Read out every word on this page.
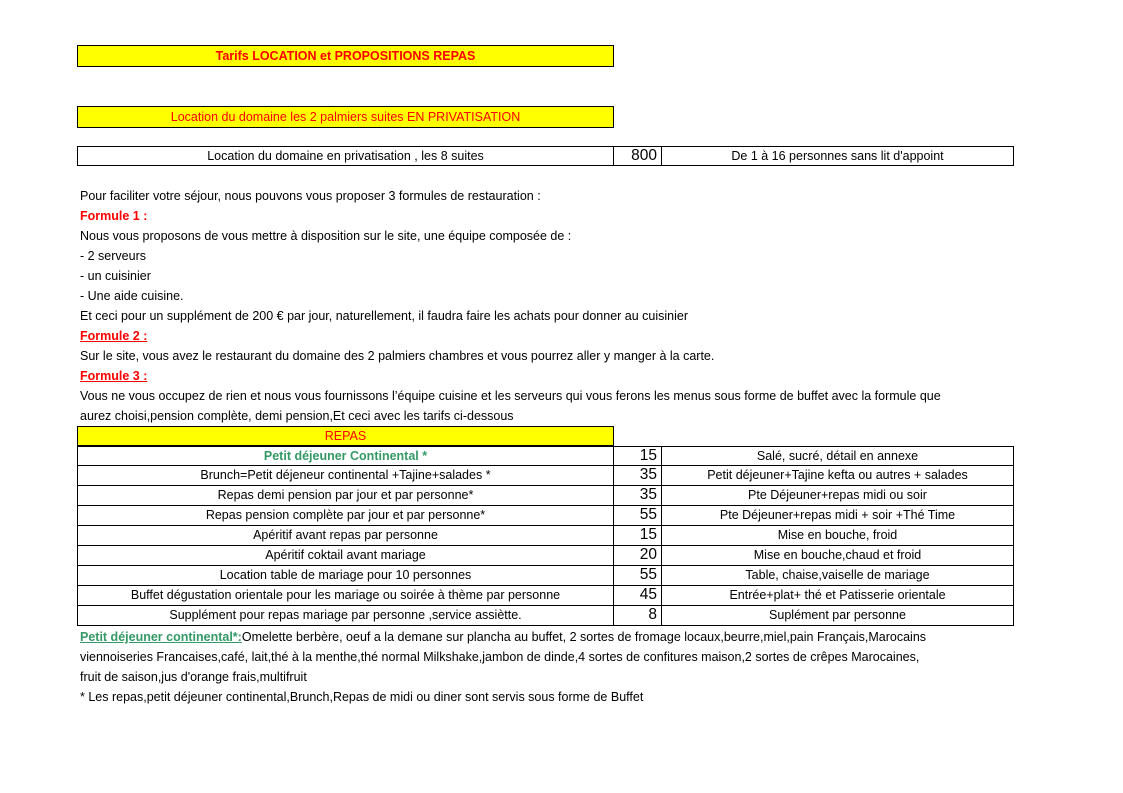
Tarifs LOCATION et PROPOSITIONS REPAS
Location du domaine les 2 palmiers suites EN PRIVATISATION
Location du domaine en privatisation , les 8 suites	800	De 1 à 16 personnes sans lit d'appoint
Pour faciliter votre séjour, nous pouvons vous proposer 3 formules de restauration :
Formule 1 :
Nous vous proposons de vous mettre à disposition sur le site, une équipe composée de :
- 2 serveurs
- un cuisinier
- Une aide cuisine.
Et ceci pour un supplément de 200 € par jour, naturellement, il faudra faire les achats pour donner au cuisinier
Formule 2 :
Sur le site, vous avez le restaurant du domaine des 2 palmiers chambres et vous pourrez aller y manger à la carte.
Formule 3 :
Vous ne vous occupez de rien et nous vous fournissons l’équipe cuisine et les serveurs qui vous ferons les menus sous forme de buffet avec la formule que
aurez choisi,pension complète, demi pension,Et ceci avec les tarifs ci-dessous
REPAS
Petit déjeuner Continental *	15	Salé, sucré, détail en annexe
Brunch=Petit déjeneur continental +Tajine+salades *	35	Petit déjeuner+Tajine kefta ou autres + salades
Repas demi pension par jour et par personne*	35	Pte Déjeuner+repas midi ou soir
Repas pension complète par jour et par personne*	55	Pte Déjeuner+repas midi + soir +Thé Time
Apéritif avant repas par personne	15	Mise en bouche, froid
Apéritif coktail avant mariage	20	Mise en bouche,chaud et froid
Location table de mariage pour 10 personnes	55	Table, chaise,vaiselle de mariage
Buffet dégustation orientale pour les mariage ou soirée à thème par personne	45	Entrée+plat+ thé et Patisserie orientale
Supplément pour repas mariage par personne ,service assiètte.	8	Suplément par personne
Petit déjeuner continental*:Omelette berbère, oeuf a la demane sur plancha au buffet, 2 sortes de fromage locaux,beurre,miel,pain Français,Marocains
viennoiseries Francaises,café, lait,thé à la menthe,thé normal Milkshake,jambon de dinde,4 sortes de confitures maison,2 sortes de crêpes Marocaines,
fruit de saison,jus d'orange frais,multifruit
* Les repas,petit déjeuner continental,Brunch,Repas de midi ou diner sont servis sous forme de Buffet
